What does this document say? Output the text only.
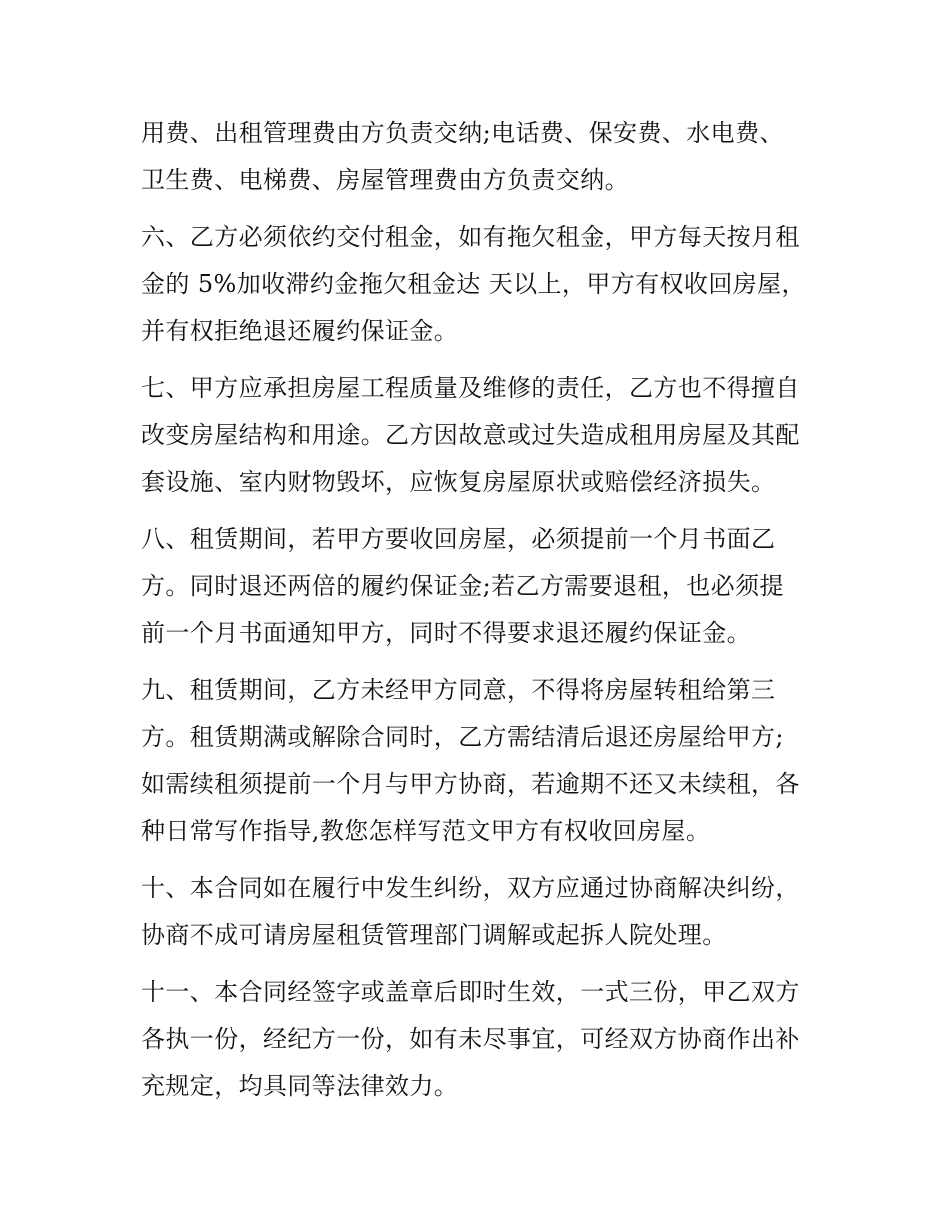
用费、出租管理费由方负责交纳;电话费、保安费、水电费、
卫生费、电梯费、房屋管理费由方负责交纳。
六、乙方必须依约交付租金，如有拖欠租金，甲方每天按月租
金的 5%加收滞约金拖欠租金达 天以上，甲方有权收回房屋，
并有权拒绝退还履约保证金。
七、甲方应承担房屋工程质量及维修的责任，乙方也不得擅自
改变房屋结构和用途。乙方因故意或过失造成租用房屋及其配
套设施、室内财物毁坏，应恢复房屋原状或赔偿经济损失。
八、租赁期间，若甲方要收回房屋，必须提前一个月书面乙
方。同时退还两倍的履约保证金;若乙方需要退租，也必须提
前一个月书面通知甲方，同时不得要求退还履约保证金。
九、租赁期间，乙方未经甲方同意，不得将房屋转租给第三
方。租赁期满或解除合同时，乙方需结清后退还房屋给甲方;
如需续租须提前一个月与甲方协商，若逾期不还又未续租，各
种日常写作指导,教您怎样写范文甲方有权收回房屋。
十、本合同如在履行中发生纠纷，双方应通过协商解决纠纷，
协商不成可请房屋租赁管理部门调解或起拆人院处理。
十一、本合同经签字或盖章后即时生效，一式三份，甲乙双方
各执一份，经纪方一份，如有未尽事宜，可经双方协商作出补
充规定，均具同等法律效力。
